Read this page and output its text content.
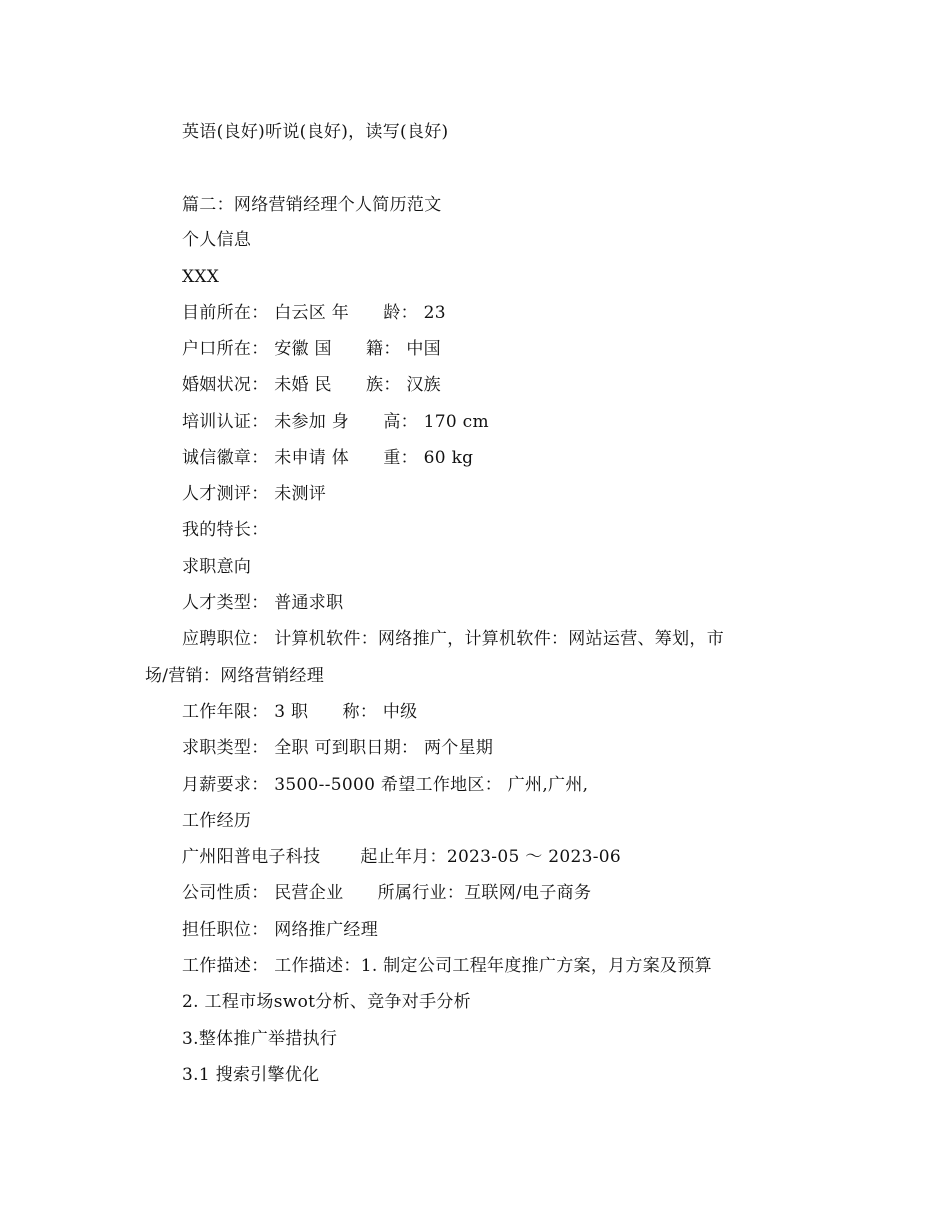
英语(良好)听说(良好)，读写(良好)
篇二：网络营销经理个人简历范文
个人信息
XXX
目前所在： 白云区 年      龄： 23
户口所在： 安徽 国      籍： 中国
婚姻状况： 未婚 民      族： 汉族
培训认证： 未参加 身      高： 170 cm
诚信徽章： 未申请 体      重： 60 kg
人才测评： 未测评
我的特长：
求职意向
人才类型： 普通求职
应聘职位： 计算机软件：网络推广，计算机软件：网站运营、筹划，市
场/营销：网络营销经理
工作年限： 3 职      称： 中级
求职类型： 全职 可到职日期： 两个星期
月薪要求： 3500--5000 希望工作地区： 广州,广州,
工作经历
广州阳普电子科技       起止年月：2023-05 ～ 2023-06
公司性质： 民营企业      所属行业：互联网/电子商务
担任职位： 网络推广经理
工作描述： 工作描述：1. 制定公司工程年度推广方案，月方案及预算
2. 工程市场swot分析、竞争对手分析
3.整体推广举措执行
3.1 搜索引擎优化
